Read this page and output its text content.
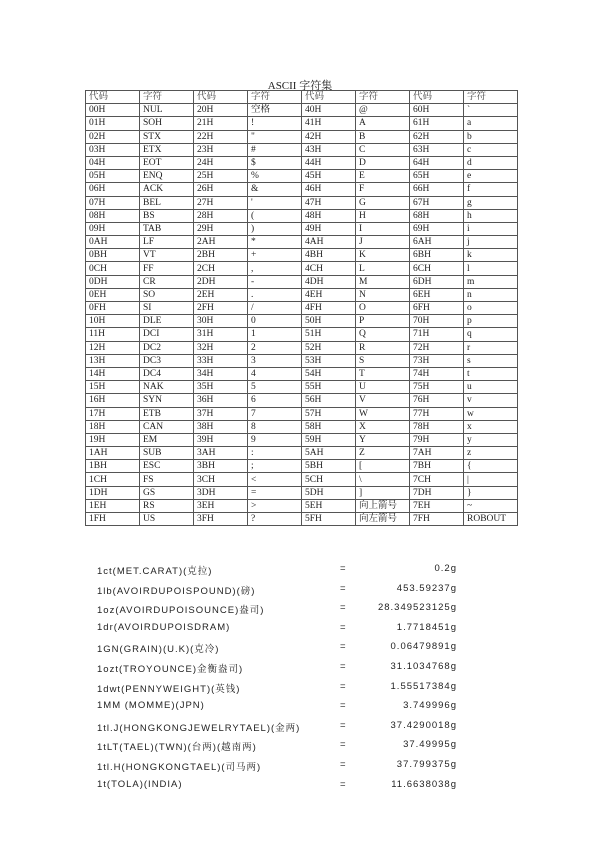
ASCII 字符集
代码	字符	代码	字符	代码	字符	代码	字符
00H	NUL	20H	空格	40H	@	60H	`
01H	SOH	21H	!	41H	A	61H	a
02H	STX	22H	"	42H	B	62H	b
03H	ETX	23H	#	43H	C	63H	c
04H	EOT	24H	$	44H	D	64H	d
05H	ENQ	25H	%	45H	E	65H	e
06H	ACK	26H	&	46H	F	66H	f
07H	BEL	27H	'	47H	G	67H	g
08H	BS	28H	(	48H	H	68H	h
09H	TAB	29H	)	49H	I	69H	i
0AH	LF	2AH	*	4AH	J	6AH	j
0BH	VT	2BH	+	4BH	K	6BH	k
0CH	FF	2CH	,	4CH	L	6CH	l
0DH	CR	2DH	-	4DH	M	6DH	m
0EH	SO	2EH	.	4EH	N	6EH	n
0FH	SI	2FH	/	4FH	O	6FH	o
10H	DLE	30H	0	50H	P	70H	p
11H	DCI	31H	1	51H	Q	71H	q
12H	DC2	32H	2	52H	R	72H	r
13H	DC3	33H	3	53H	S	73H	s
14H	DC4	34H	4	54H	T	74H	t
15H	NAK	35H	5	55H	U	75H	u
16H	SYN	36H	6	56H	V	76H	v
17H	ETB	37H	7	57H	W	77H	w
18H	CAN	38H	8	58H	X	78H	x
19H	EM	39H	9	59H	Y	79H	y
1AH	SUB	3AH	:	5AH	Z	7AH	z
1BH	ESC	3BH	;	5BH	[	7BH	{
1CH	FS	3CH	<	5CH	\	7CH	|
1DH	GS	3DH	=	5DH	]	7DH	}
1EH	RS	3EH	>	5EH	向上箭号	7EH	~
1FH	US	3FH	?	5FH	向左箭号	7FH	ROBOUT
1ct(MET.CARAT)(克拉)	=	0.2g
1lb(AVOIRDUPOISPOUND)(磅)	=	453.59237g
1oz(AVOIRDUPOISOUNCE)盎司)	=	28.349523125g
1dr(AVOIRDUPOISDRAM)	=	1.7718451g
1GN(GRAIN)(U.K)(克冷)	=	0.06479891g
1ozt(TROYOUNCE)金衡盎司)	=	31.1034768g
1dwt(PENNYWEIGHT)(英钱)	=	1.55517384g
1MM (MOMME)(JPN)	=	3.749996g
1tl.J(HONGKONGJEWELRYTAEL)(金两)	=	37.4290018g
1tLT(TAEL)(TWN)(台两)(越南两)	=	37.49995g
1tl.H(HONGKONGTAEL)(司马两)	=	37.799375g
1t(TOLA)(INDIA)	=	11.6638038g
